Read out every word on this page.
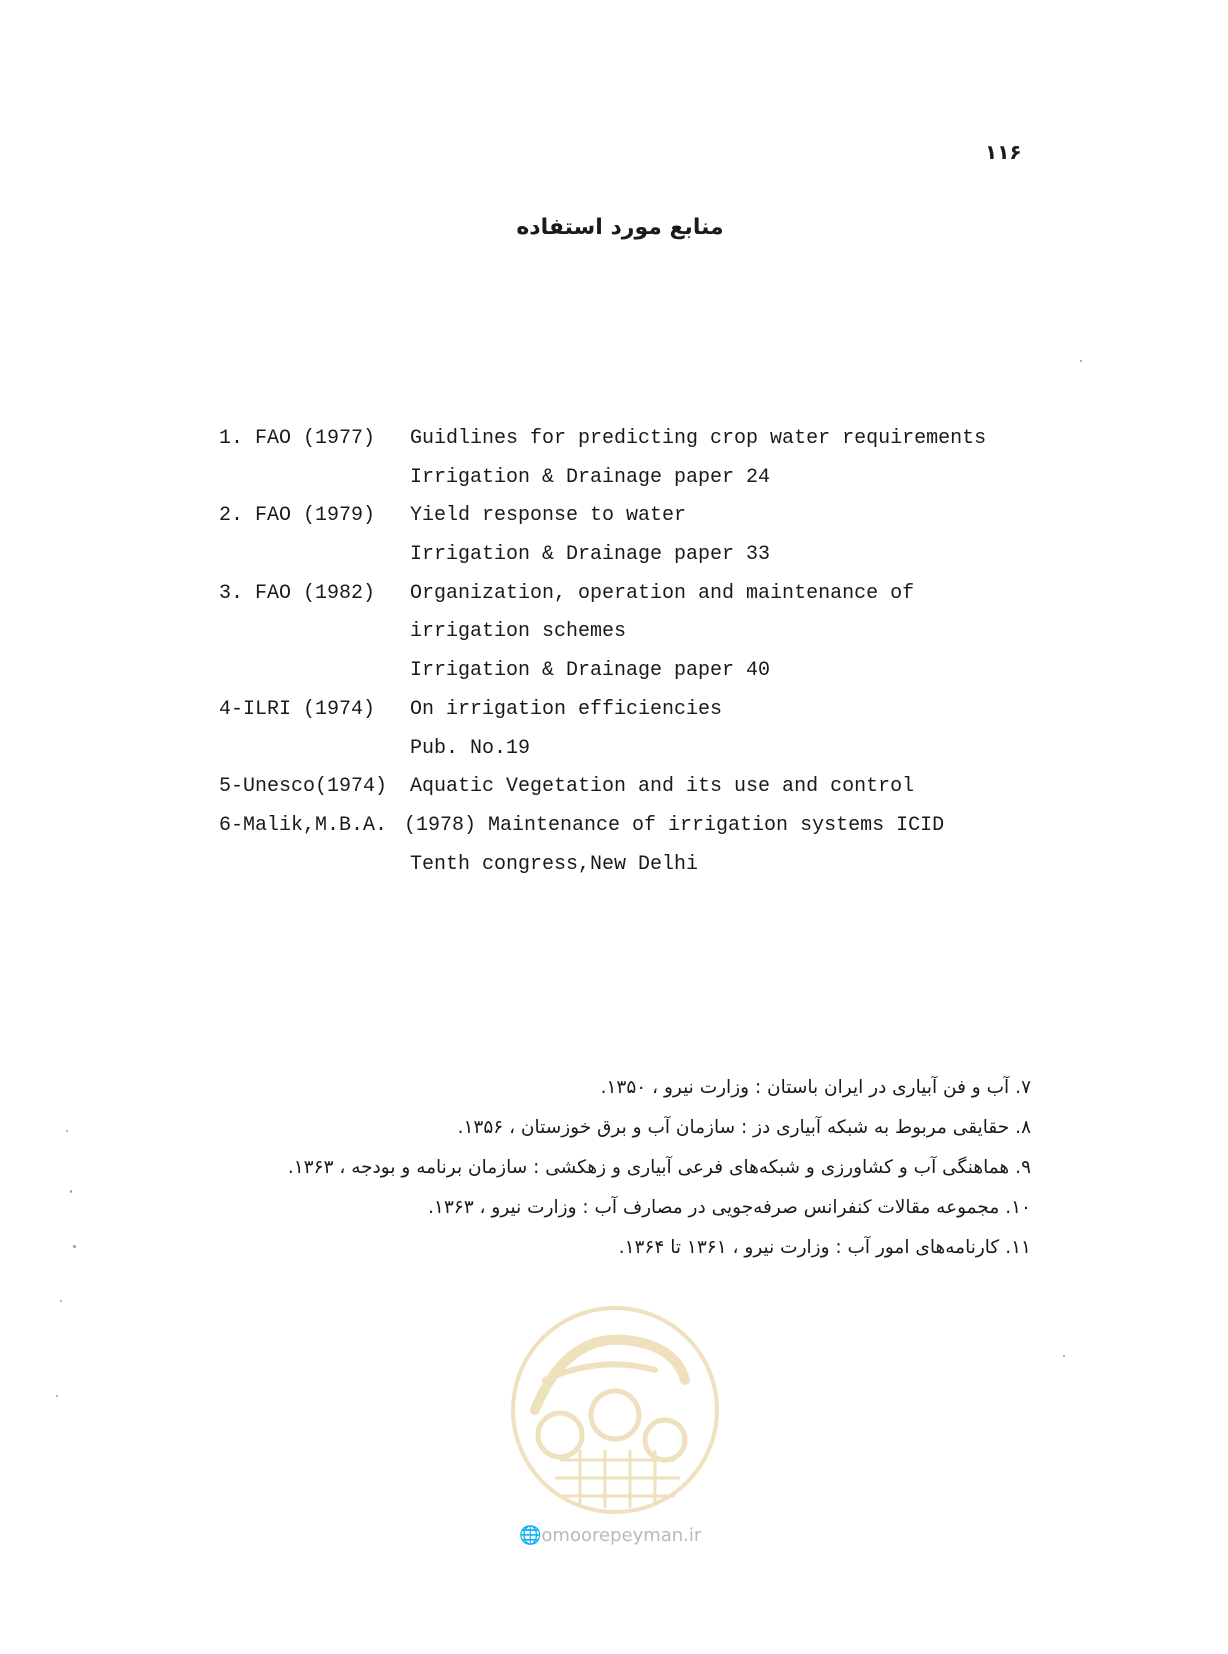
۱۱۶
منابع مورد استفاده

1. FAO (1977)

Guidlines for predicting crop water requirements

Irrigation & Drainage paper 24

2. FAO (1979)

Yield response to water

Irrigation & Drainage paper 33

3. FAO (1982)

Organization, operation and maintenance of

irrigation schemes

Irrigation & Drainage paper 40

4-ILRI (1974)

On irrigation efficiencies

Pub. No.19

5-Unesco(1974)

Aquatic Vegetation and its use and control

6-Malik,M.B.A.

(1978) Maintenance of irrigation systems ICID

Tenth congress,New Delhi

۷.آب و فن آبیاری در ایران باستان : وزارت نیرو ، ۱۳۵۰.
۸.حقایقی مربوط به شبکه آبیاری دز : سازمان آب و برق خوزستان ، ۱۳۵۶.
۹.هماهنگی آب و کشاورزی و شبکه‌های فرعی آبیاری و زهکشی : سازمان برنامه و بودجه ، ۱۳۶۳.
۱۰.مجموعه مقالات کنفرانس صرفه‌جویی در مصارف آب : وزارت نیرو ، ۱۳۶۳.
۱۱.کارنامه‌های امور آب : وزارت نیرو ، ۱۳۶۱ تا ۱۳۶۴.
🌐omoorepeyman.ir
